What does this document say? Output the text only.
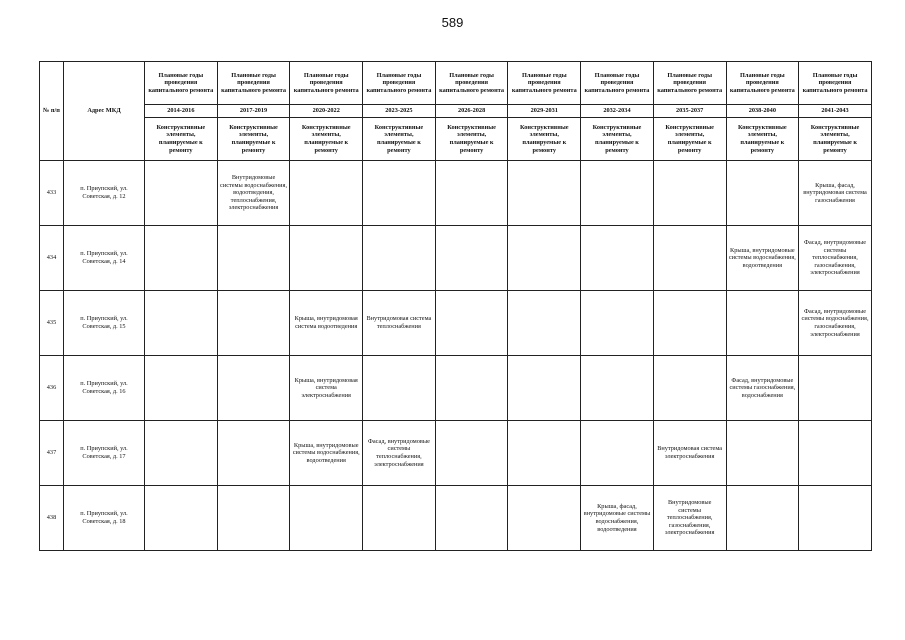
589
№ п/п	Адрес МКД	Плановые годы проведения капитального ремонта	Плановые годы проведения капитального ремонта	Плановые годы проведения капитального ремонта	Плановые годы проведения капитального ремонта	Плановые годы проведения капитального ремонта	Плановые годы проведения капитального ремонта	Плановые годы проведения капитального ремонта	Плановые годы проведения капитального ремонта	Плановые годы проведения капитального ремонта	Плановые годы проведения капитального ремонта
		2014-2016	2017-2019	2020-2022	2023-2025	2026-2028	2029-2031	2032-2034	2035-2037	2038-2040	2041-2043
		Конструктивные элементы, планируемые к ремонту	Конструктивные элементы, планируемые к ремонту	Конструктивные элементы, планируемые к ремонту	Конструктивные элементы, планируемые к ремонту	Конструктивные элементы, планируемые к ремонту	Конструктивные элементы, планируемые к ремонту	Конструктивные элементы, планируемые к ремонту	Конструктивные элементы, планируемые к ремонту	Конструктивные элементы, планируемые к ремонту	Конструктивные элементы, планируемые к ремонту
433	п. Приупский, ул. Советская, д. 12		Внутридомовые системы водоснабжения, водоотведения, теплоснабжения, электроснабжения								Крыша, фасад, внутридомовая система газоснабжения
434	п. Приупский, ул. Советская, д. 14									Крыша, внутридомовые системы водоснабжения, водоотведения	Фасад, внутридомовые системы теплоснабжения, газоснабжения, электроснабжения
435	п. Приупский, ул. Советская, д. 15			Крыша, внутридомовая система водоотведения	Внутридомовая система теплоснабжения						Фасад, внутридомовые системы водоснабжения, газоснабжения, электроснабжения
436	п. Приупский, ул. Советская, д. 16			Крыша, внутридомовая система электроснабжения						Фасад, внутридомовые системы газоснабжения, водоснабжения	
437	п. Приупский, ул. Советская, д. 17			Крыша, внутридомовые системы водоснабжения, водоотведения	Фасад, внутридомовые системы теплоснабжения, электроснабжения				Внутридомовая система электроснабжения		
438	п. Приупский, ул. Советская, д. 18							Крыша, фасад, внутридомовые системы водоснабжения, водоотведения	Внутридомовые системы теплоснабжения, газоснабжения, электроснабжения		
